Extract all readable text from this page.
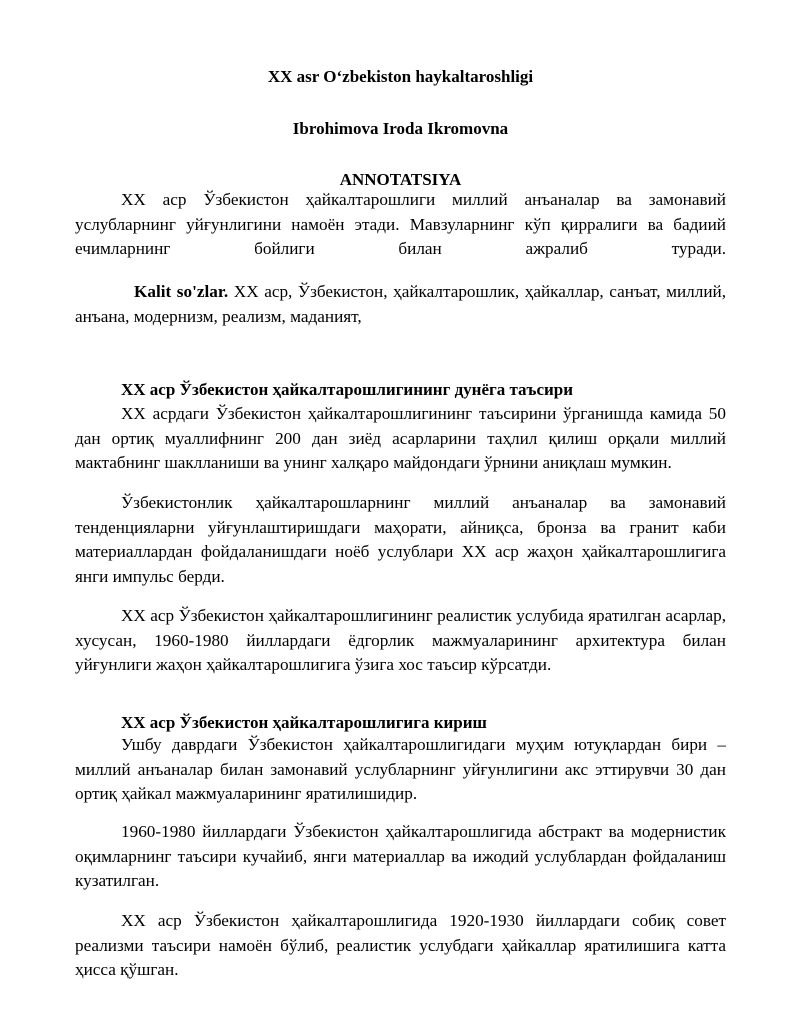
XX asr O‘zbekiston haykaltaroshligi
Ibrohimova Iroda Ikromovna
ANNOTATSIYA

XX аср Ўзбекистон ҳайкалтарошлиги миллий анъаналар ва замонавий услубларнинг уйғунлигини намоён этади. Мавзуларнинг кўп қирралиги ва бадиий ечимларнинг бойлиги билан ажралиб туради.

Kalit so'zlar. XX аср, Ўзбекистон, ҳайкалтарошлик, ҳайкаллар, санъат, миллий, анъана, модернизм, реализм, маданият,

XX аср Ўзбекистон ҳайкалтарошлигининг дунёга таъсири

XX асрдаги Ўзбекистон ҳайкалтарошлигининг таъсирини ўрганишда камида 50 дан ортиқ муаллифнинг 200 дан зиёд асарларини таҳлил қилиш орқали миллий мактабнинг шаклланиши ва унинг халқаро майдондаги ўрнини аниқлаш мумкин.

Ўзбекистонлик ҳайкалтарошларнинг миллий анъаналар ва замонавий тенденцияларни уйғунлаштиришдаги маҳорати, айниқса, бронза ва гранит каби материаллардан фойдаланишдаги ноёб услублари XX аср жаҳон ҳайкалтарошлигига янги импульс берди.

XX аср Ўзбекистон ҳайкалтарошлигининг реалистик услубида яратилган асарлар, хусусан, 1960-1980 йиллардаги ёдгорлик мажмуаларининг архитектура билан уйғунлиги жаҳон ҳайкалтарошлигига ўзига хос таъсир кўрсатди.

XX аср Ўзбекистон ҳайкалтарошлигига кириш

Ушбу даврдаги Ўзбекистон ҳайкалтарошлигидаги муҳим ютуқлардан бири – миллий анъаналар билан замонавий услубларнинг уйғунлигини акс эттирувчи 30 дан ортиқ ҳайкал мажмуаларининг яратилишидир.

1960-1980 йиллардаги Ўзбекистон ҳайкалтарошлигида абстракт ва модернистик оқимларнинг таъсири кучайиб, янги материаллар ва ижодий услублардан фойдаланиш кузатилган.

XX аср Ўзбекистон ҳайкалтарошлигида 1920-1930 йиллардаги собиқ совет реализми таъсири намоён бўлиб, реалистик услубдаги ҳайкаллар яратилишига катта ҳисса қўшган.
